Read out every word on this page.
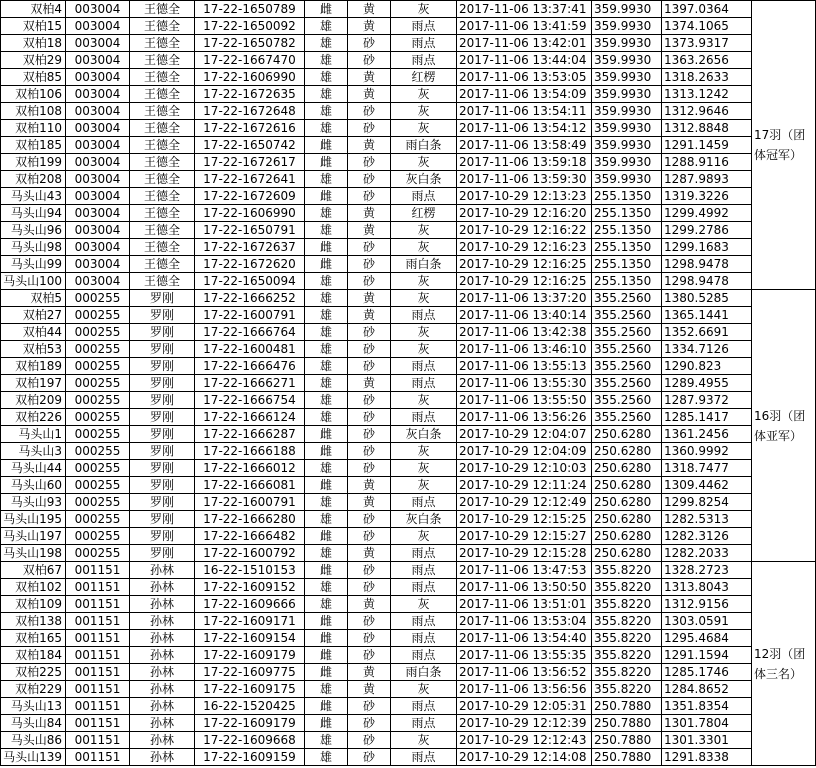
双柏4	003004	王德全	17-22-1650789	雌	黄	灰	2017-11-06 13:37:41	359.9930	1397.0364	17羽（团体冠军）
双柏15	003004	王德全	17-22-1650092	雄	黄	雨点	2017-11-06 13:41:59	359.9930	1374.1065	
双柏18	003004	王德全	17-22-1650782	雄	砂	雨点	2017-11-06 13:42:01	359.9930	1373.9317	
双柏29	003004	王德全	17-22-1667470	雄	砂	雨点	2017-11-06 13:44:04	359.9930	1363.2656	
双柏85	003004	王德全	17-22-1606990	雄	黄	红楞	2017-11-06 13:53:05	359.9930	1318.2633	
双柏106	003004	王德全	17-22-1672635	雄	黄	灰	2017-11-06 13:54:09	359.9930	1313.1242	
双柏108	003004	王德全	17-22-1672648	雄	砂	灰	2017-11-06 13:54:11	359.9930	1312.9646	
双柏110	003004	王德全	17-22-1672616	雄	砂	灰	2017-11-06 13:54:12	359.9930	1312.8848	
双柏185	003004	王德全	17-22-1650742	雌	黄	雨白条	2017-11-06 13:58:49	359.9930	1291.1459	
双柏199	003004	王德全	17-22-1672617	雌	砂	灰	2017-11-06 13:59:18	359.9930	1288.9116	
双柏208	003004	王德全	17-22-1672641	雄	砂	灰白条	2017-11-06 13:59:30	359.9930	1287.9893	
马头山43	003004	王德全	17-22-1672609	雌	砂	雨点	2017-10-29 12:13:23	255.1350	1319.3226	
马头山94	003004	王德全	17-22-1606990	雄	黄	红楞	2017-10-29 12:16:20	255.1350	1299.4992	
马头山96	003004	王德全	17-22-1650791	雄	黄	灰	2017-10-29 12:16:22	255.1350	1299.2786	
马头山98	003004	王德全	17-22-1672637	雌	砂	灰	2017-10-29 12:16:23	255.1350	1299.1683	
马头山99	003004	王德全	17-22-1672620	雌	砂	雨白条	2017-10-29 12:16:25	255.1350	1298.9478	
马头山100	003004	王德全	17-22-1650094	雄	砂	灰	2017-10-29 12:16:25	255.1350	1298.9478	
双柏5	000255	罗刚	17-22-1666252	雄	黄	灰	2017-11-06 13:37:20	355.2560	1380.5285	16羽（团体亚军）
双柏27	000255	罗刚	17-22-1600791	雄	黄	雨点	2017-11-06 13:40:14	355.2560	1365.1441	
双柏44	000255	罗刚	17-22-1666764	雄	砂	灰	2017-11-06 13:42:38	355.2560	1352.6691	
双柏53	000255	罗刚	17-22-1600481	雄	砂	灰	2017-11-06 13:46:10	355.2560	1334.7126	
双柏189	000255	罗刚	17-22-1666476	雄	砂	雨点	2017-11-06 13:55:13	355.2560	1290.823	
双柏197	000255	罗刚	17-22-1666271	雄	黄	雨点	2017-11-06 13:55:30	355.2560	1289.4955	
双柏209	000255	罗刚	17-22-1666754	雄	砂	灰	2017-11-06 13:55:50	355.2560	1287.9372	
双柏226	000255	罗刚	17-22-1666124	雄	砂	雨点	2017-11-06 13:56:26	355.2560	1285.1417	
马头山1	000255	罗刚	17-22-1666287	雌	砂	灰白条	2017-10-29 12:04:07	250.6280	1361.2456	
马头山3	000255	罗刚	17-22-1666188	雌	砂	灰	2017-10-29 12:04:09	250.6280	1360.9992	
马头山44	000255	罗刚	17-22-1666012	雄	砂	灰	2017-10-29 12:10:03	250.6280	1318.7477	
马头山60	000255	罗刚	17-22-1666081	雌	黄	灰	2017-10-29 12:11:24	250.6280	1309.4462	
马头山93	000255	罗刚	17-22-1600791	雄	黄	雨点	2017-10-29 12:12:49	250.6280	1299.8254	
马头山195	000255	罗刚	17-22-1666280	雄	砂	灰白条	2017-10-29 12:15:25	250.6280	1282.5313	
马头山197	000255	罗刚	17-22-1666482	雌	砂	灰	2017-10-29 12:15:27	250.6280	1282.3126	
马头山198	000255	罗刚	17-22-1600792	雄	黄	雨点	2017-10-29 12:15:28	250.6280	1282.2033	
双柏67	001151	孙林	16-22-1510153	雌	砂	雨点	2017-11-06 13:47:53	355.8220	1328.2723	12羽（团体三名）
双柏102	001151	孙林	17-22-1609152	雄	砂	雨点	2017-11-06 13:50:50	355.8220	1313.8043	
双柏109	001151	孙林	17-22-1609666	雄	黄	灰	2017-11-06 13:51:01	355.8220	1312.9156	
双柏138	001151	孙林	17-22-1609171	雌	砂	雨点	2017-11-06 13:53:04	355.8220	1303.0591	
双柏165	001151	孙林	17-22-1609154	雌	砂	雨点	2017-11-06 13:54:40	355.8220	1295.4684	
双柏184	001151	孙林	17-22-1609179	雌	砂	雨点	2017-11-06 13:55:35	355.8220	1291.1594	
双柏225	001151	孙林	17-22-1609775	雌	黄	雨白条	2017-11-06 13:56:52	355.8220	1285.1746	
双柏229	001151	孙林	17-22-1609175	雄	黄	灰	2017-11-06 13:56:56	355.8220	1284.8652	
马头山13	001151	孙林	16-22-1520425	雌	砂	雨点	2017-10-29 12:05:31	250.7880	1351.8354	
马头山84	001151	孙林	17-22-1609179	雌	砂	雨点	2017-10-29 12:12:39	250.7880	1301.7804	
马头山86	001151	孙林	17-22-1609668	雄	砂	灰	2017-10-29 12:12:43	250.7880	1301.3301	
马头山139	001151	孙林	17-22-1609159	雄	砂	雨点	2017-10-29 12:14:08	250.7880	1291.8338	
